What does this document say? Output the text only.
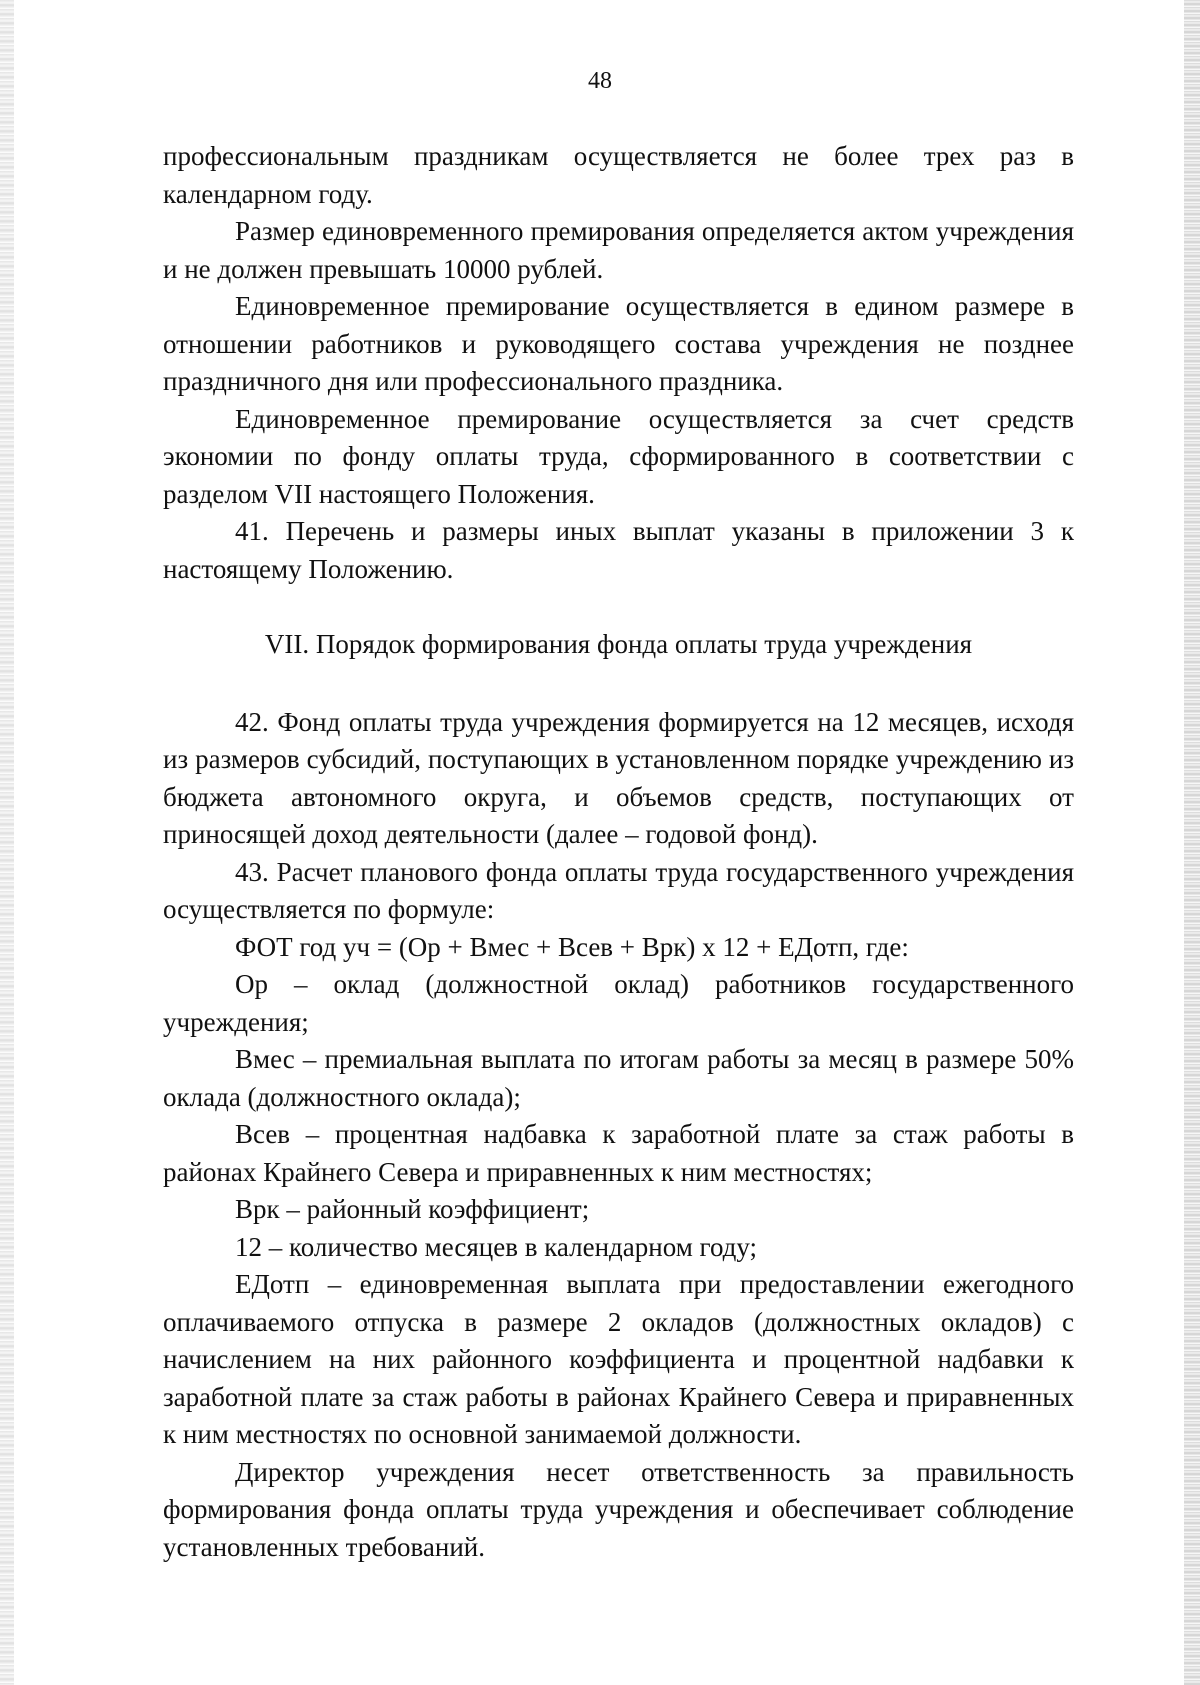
48

профессиональным праздникам осуществляется не более трех раз в календарном году.

Размер единовременного премирования определяется актом учреждения и не должен превышать 10000 рублей.

Единовременное премирование осуществляется в едином размере в отношении работников и руководящего состава учреждения не позднее праздничного дня или профессионального праздника.

Единовременное премирование осуществляется за счет средств экономии по фонду оплаты труда, сформированного в соответствии с разделом VII настоящего Положения.

41. Перечень и размеры иных выплат указаны в приложении 3 к настоящему Положению.

VII. Порядок формирования фонда оплаты труда учреждения

42. Фонд оплаты труда учреждения формируется на 12 месяцев, исходя из размеров субсидий, поступающих в установленном порядке учреждению из бюджета автономного округа, и объемов средств, поступающих от приносящей доход деятельности (далее – годовой фонд).

43. Расчет планового фонда оплаты труда государственного учреждения осуществляется по формуле:

ФОТ год уч = (Ор + Вмес + Всев + Врк) х 12 + ЕДотп, где:

Ор – оклад (должностной оклад) работников государственного учреждения;

Вмес – премиальная выплата по итогам работы за месяц в размере 50% оклада (должностного оклада);

Всев – процентная надбавка к заработной плате за стаж работы в районах Крайнего Севера и приравненных к ним местностях;

Врк – районный коэффициент;

12 – количество месяцев в календарном году;

ЕДотп – единовременная выплата при предоставлении ежегодного оплачиваемого отпуска в размере 2 окладов (должностных окладов) с начислением на них районного коэффициента и процентной надбавки к заработной плате за стаж работы в районах Крайнего Севера и приравненных к ним местностях по основной занимаемой должности.

Директор учреждения несет ответственность за правильность формирования фонда оплаты труда учреждения и обеспечивает соблюдение установленных требований.
